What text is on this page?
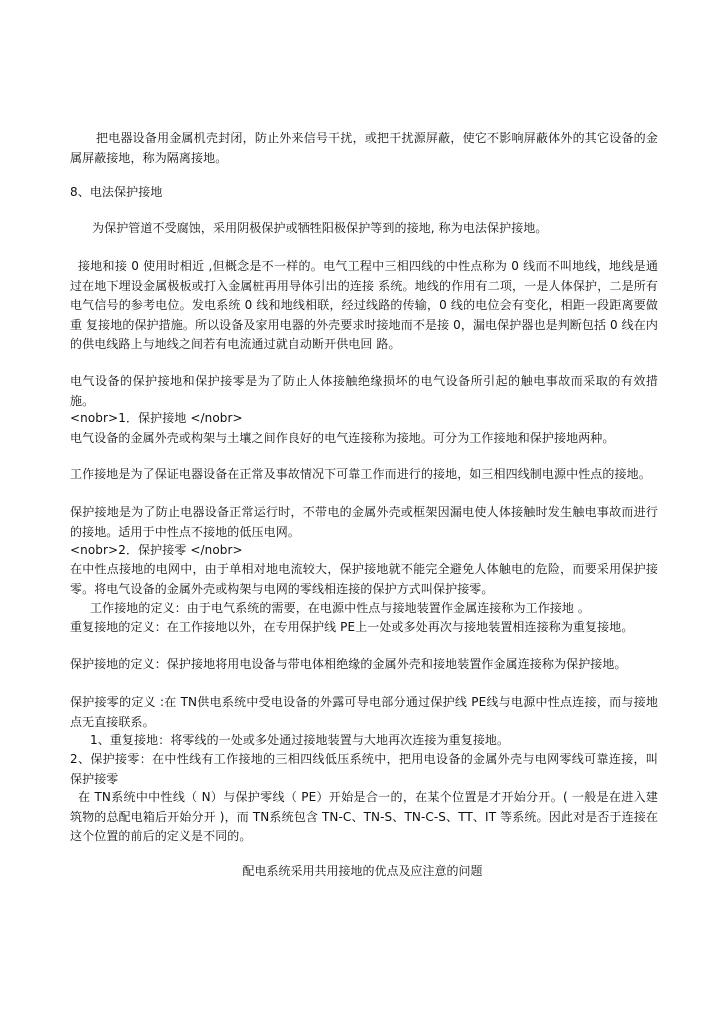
把电器设备用金属机壳封闭，防止外来信号干扰，或把干扰源屏蔽，使它不影响屏蔽体外的其它设备的金属屏蔽接地，称为隔离接地。

8、电法保护接地

为保护管道不受腐蚀，采用阴极保护或牺牲阳极保护等到的接地, 称为电法保护接地。

接地和接 0 使用时相近 ,但概念是不一样的。电气工程中三相四线的中性点称为 0 线而不叫地线，地线是通过在地下埋设金属极板或打入金属桩再用导体引出的连接 系统。地线的作用有二项，一是人体保护，二是所有电气信号的参考电位。发电系统 0 线和地线相联，经过线路的传输，0 线的电位会有变化，相距一段距离要做重 复接地的保护措施。所以设备及家用电器的外壳要求时接地而不是接 0，漏电保护器也是判断包括 0 线在内的供电线路上与地线之间若有电流通过就自动断开供电回 路。

电气设备的保护接地和保护接零是为了防止人体接触绝缘损坏的电气设备所引起的触电事故而采取的有效措施。

<nobr>1．保护接地 </nobr>

电气设备的金属外壳或构架与土壤之间作良好的电气连接称为接地。可分为工作接地和保护接地两种。

工作接地是为了保证电器设备在正常及事故情况下可靠工作而进行的接地，如三相四线制电源中性点的接地。

保护接地是为了防止电器设备正常运行时，不带电的金属外壳或框架因漏电使人体接触时发生触电事故而进行的接地。适用于中性点不接地的低压电网。

<nobr>2．保护接零 </nobr>

在中性点接地的电网中，由于单相对地电流较大，保护接地就不能完全避免人体触电的危险，而要采用保护接零。将电气设备的金属外壳或构架与电网的零线相连接的保护方式叫保护接零。

工作接地的定义：由于电气系统的需要，在电源中性点与接地装置作金属连接称为工作接地 。

重复接地的定义：在工作接地以外，在专用保护线 PE上一处或多处再次与接地装置相连接称为重复接地。

保护接地的定义：保护接地将用电设备与带电体相绝缘的金属外壳和接地装置作金属连接称为保护接地。

保护接零的定义 :在 TN供电系统中受电设备的外露可导电部分通过保护线 PE线与电源中性点连接，而与接地点无直接联系。

1、重复接地：将零线的一处或多处通过接地装置与大地再次连接为重复接地。

2、保护接零：在中性线有工作接地的三相四线低压系统中，把用电设备的金属外壳与电网零线可靠连接，叫保护接零

在 TN系统中中性线（ N）与保护零线（ PE）开始是合一的，在某个位置是才开始分开。( 一般是在进入建筑物的总配电箱后开始分开 )，而 TN系统包含 TN-C、TN-S、TN-C-S、TT、IT 等系统。因此对是否于连接在这个位置的前后的定义是不同的。

配电系统采用共用接地的优点及应注意的问题
